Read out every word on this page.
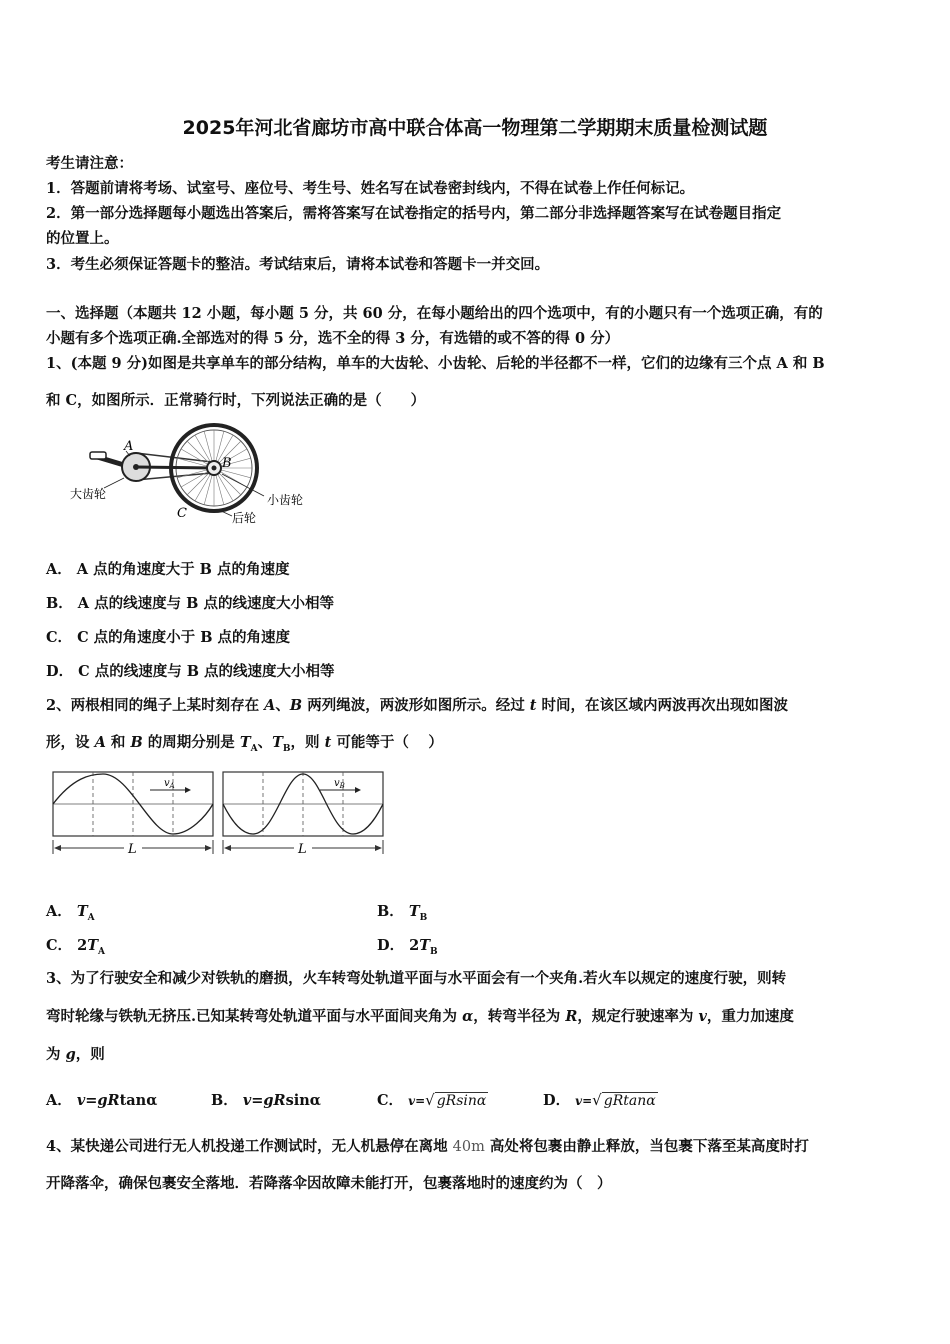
2025年河北省廊坊市高中联合体高一物理第二学期期末质量检测试题
考生请注意：
1．答题前请将考场、试室号、座位号、考生号、姓名写在试卷密封线内，不得在试卷上作任何标记。
2．第一部分选择题每小题选出答案后，需将答案写在试卷指定的括号内，第二部分非选择题答案写在试卷题目指定
的位置上。
3．考生必须保证答题卡的整洁。考试结束后，请将本试卷和答题卡一并交回。
一、选择题（本题共 12 小题，每小题 5 分，共 60 分，在每小题给出的四个选项中，有的小题只有一个选项正确，有的
小题有多个选项正确.全部选对的得 5 分，选不全的得 3 分，有选错的或不答的得 0 分）
1、(本题 9 分)如图是共享单车的部分结构，单车的大齿轮、小齿轮、后轮的半径都不一样，它们的边缘有三个点 A 和 B
和 C，如图所示．正常骑行时，下列说法正确的是（　　）
A
B
C
大齿轮	小齿轮
后轮
A． A 点的角速度大于 B 点的角速度
B． A 点的线速度与 B 点的线速度大小相等
C． C 点的角速度小于 B 点的角速度
D． C 点的线速度与 B 点的线速度大小相等
2、两根相同的绳子上某时刻存在 A、B 两列绳波，两波形如图所示。经过 t 时间，在该区域内两波再次出现如图波
形，设 A 和 B 的周期分别是 $T_A$、$T_B$，则 t 可能等于（　 ）
$v_A$
L
$v_B$
L
A． $T_A$	B． $T_B$
C． $2T_A$	D． $2T_B$
3、为了行驶安全和减少对铁轨的磨损，火车转弯处轨道平面与水平面会有一个夹角.若火车以规定的速度行驶，则转
弯时轮缘与铁轨无挤压.已知某转弯处轨道平面与水平面间夹角为 α，转弯半径为 R，规定行驶速率为 v，重力加速度
为 g，则
A． v=gRtanα	B． v=gRsinα	C． v=√ gRsinα	D． v=√ gRtanα
4、某快递公司进行无人机投递工作测试时，无人机悬停在离地 40m 高处将包裹由静止释放，当包裹下落至某高度时打
开降落伞，确保包裹安全落地．若降落伞因故障未能打开，包裹落地时的速度约为（　）
